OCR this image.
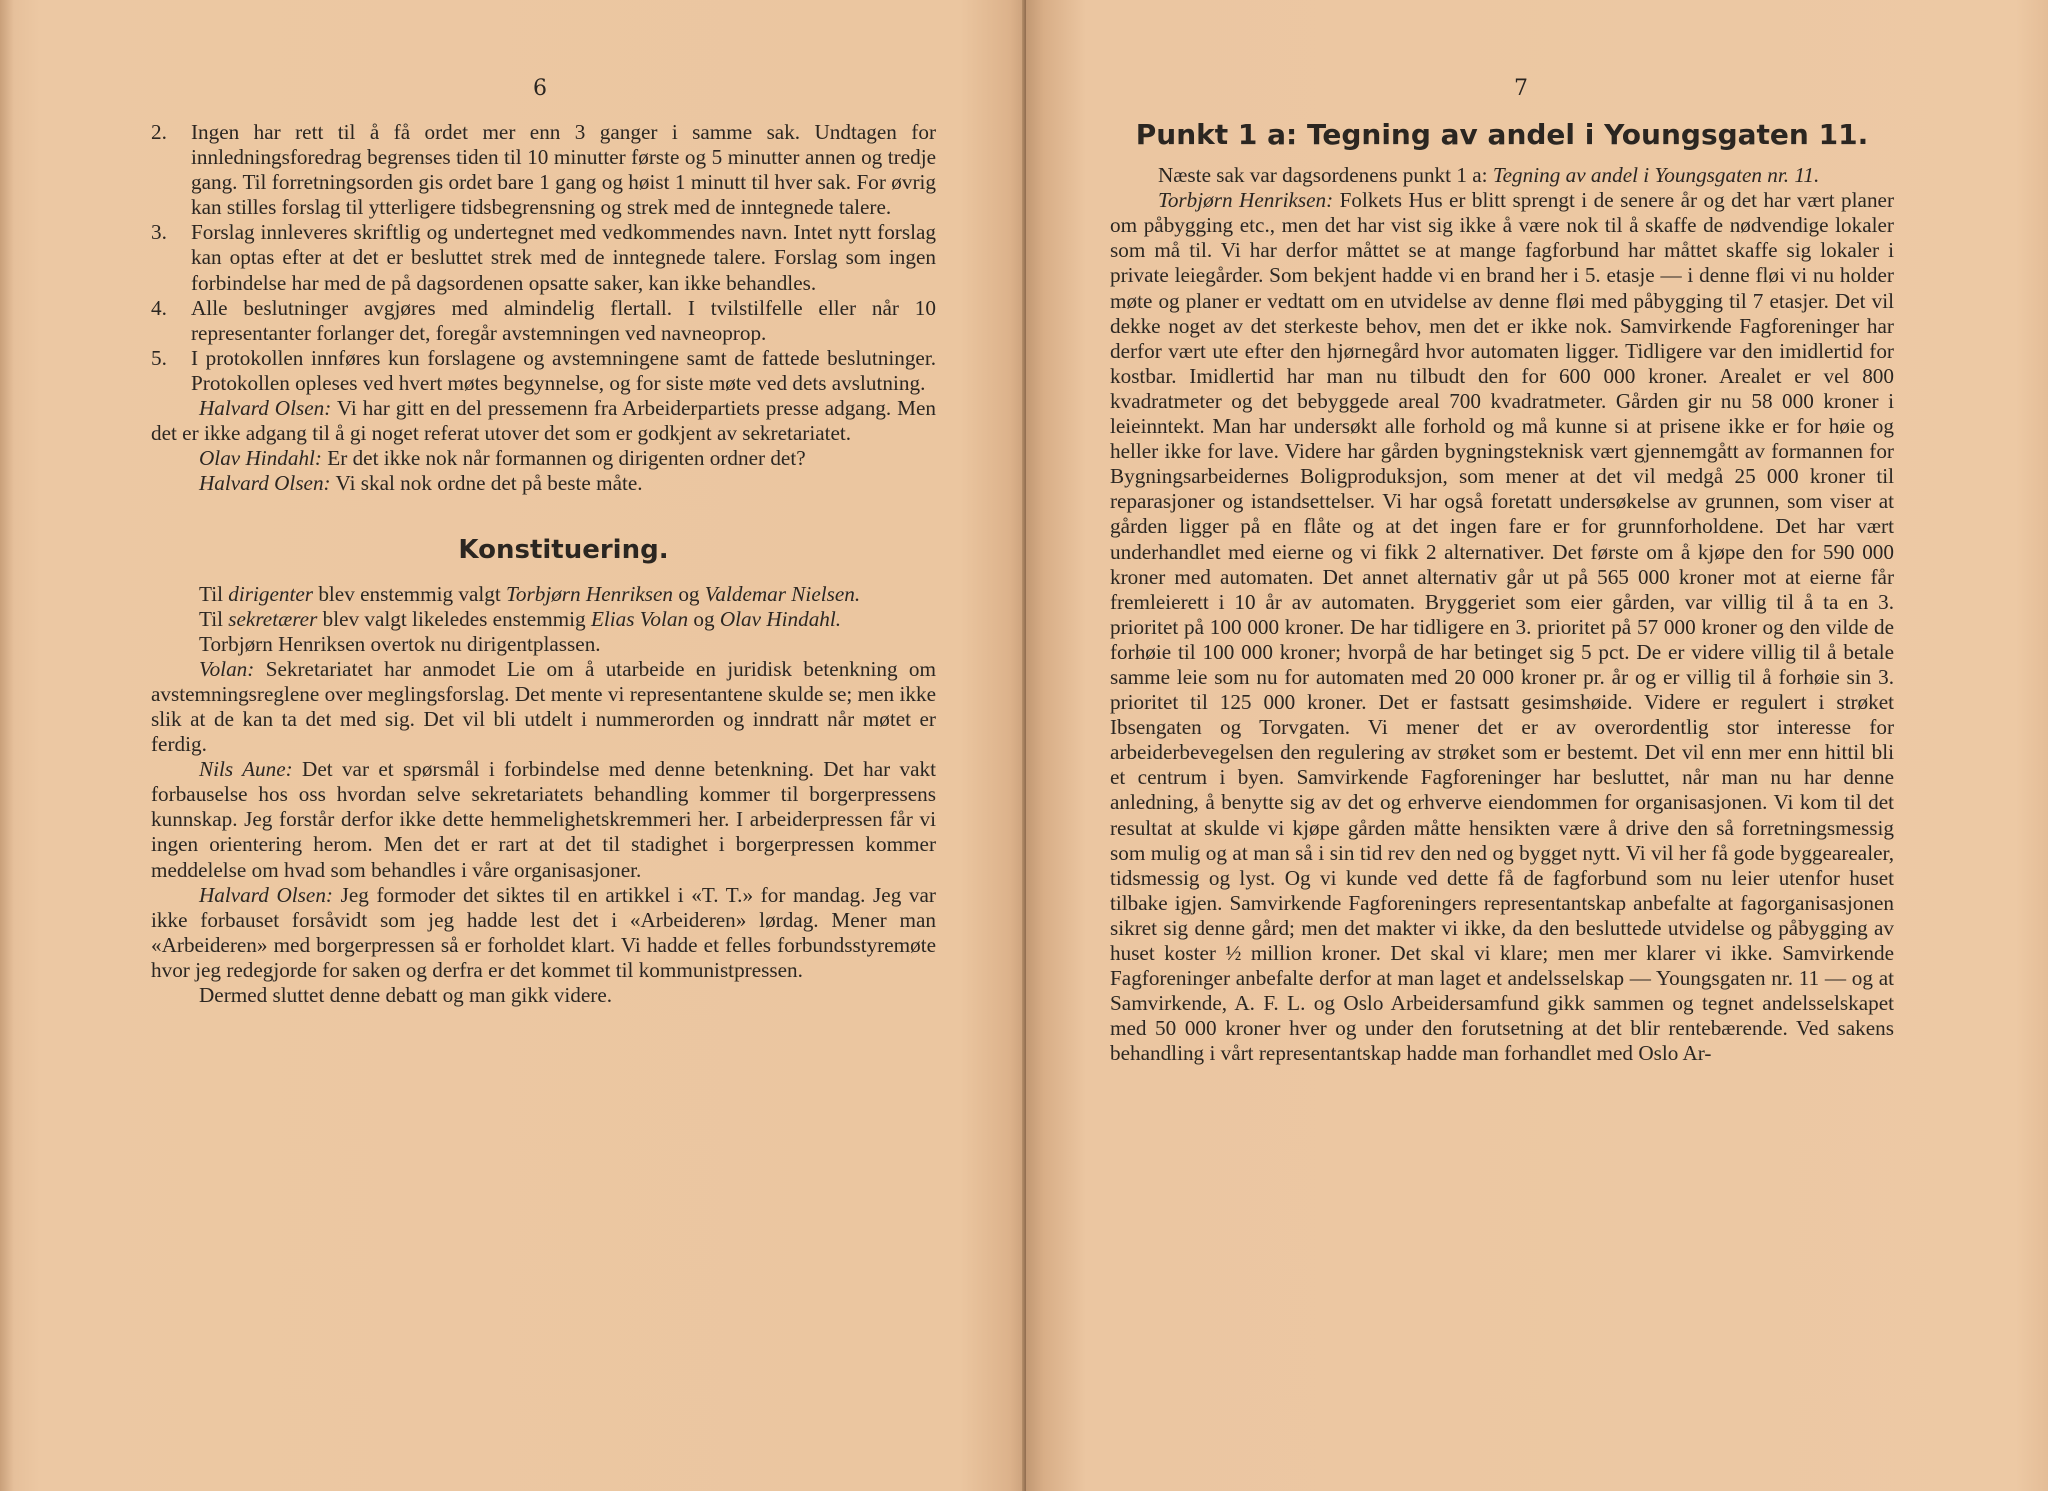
6
2.	Ingen har rett til å få ordet mer enn 3 ganger i samme sak. Undtagen for innledningsforedrag begrenses tiden til 10 minutter første og 5 minutter annen og tredje gang. Til forretningsorden gis ordet bare 1 gang og høist 1 minutt til hver sak. For øvrig kan stilles forslag til ytterligere tidsbegrensning og strek med de inntegnede talere.
3.	Forslag innleveres skriftlig og undertegnet med vedkommendes navn. Intet nytt forslag kan optas efter at det er besluttet strek med de inntegnede talere. Forslag som ingen forbindelse har med de på dagsordenen opsatte saker, kan ikke behandles.
4.	Alle beslutninger avgjøres med almindelig flertall. I tvilstilfelle eller når 10 representanter forlanger det, foregår avstemningen ved navneoprop.
5.	I protokollen innføres kun forslagene og avstemningene samt de fattede beslutninger. Protokollen opleses ved hvert møtes begynnelse, og for siste møte ved dets avslutning.

Halvard Olsen: Vi har gitt en del pressemenn fra Arbeiderpartiets presse adgang. Men det er ikke adgang til å gi noget referat utover det som er godkjent av sekretariatet.

Olav Hindahl: Er det ikke nok når formannen og dirigenten ordner det?

Halvard Olsen: Vi skal nok ordne det på beste måte.

Konstituering.

Til dirigenter blev enstemmig valgt Torbjørn Henriksen og Valdemar Nielsen.

Til sekretærer blev valgt likeledes enstemmig Elias Volan og Olav Hindahl.

Torbjørn Henriksen overtok nu dirigentplassen.

Volan: Sekretariatet har anmodet Lie om å utarbeide en juridisk betenkning om avstemningsreglene over meglingsforslag. Det mente vi representantene skulde se; men ikke slik at de kan ta det med sig. Det vil bli utdelt i nummerorden og inndratt når møtet er ferdig.

Nils Aune: Det var et spørsmål i forbindelse med denne betenkning. Det har vakt forbauselse hos oss hvordan selve sekretariatets behandling kommer til borgerpressens kunnskap. Jeg forstår derfor ikke dette hemmelighetskremmeri her. I arbeiderpressen får vi ingen orientering herom. Men det er rart at det til stadighet i borgerpressen kommer meddelelse om hvad som behandles i våre organisasjoner.

Halvard Olsen: Jeg formoder det siktes til en artikkel i «T. T.» for mandag. Jeg var ikke forbauset forsåvidt som jeg hadde lest det i «Arbeideren» lørdag. Mener man «Arbeideren» med borgerpressen så er forholdet klart. Vi hadde et felles forbundsstyremøte hvor jeg redegjorde for saken og derfra er det kommet til kommunistpressen.

Dermed sluttet denne debatt og man gikk videre.

7
Punkt 1 a: Tegning av andel i Youngsgaten 11.

Næste sak var dagsordenens punkt 1 a: Tegning av andel i Youngsgaten nr. 11.

Torbjørn Henriksen: Folkets Hus er blitt sprengt i de senere år og det har vært planer om påbygging etc., men det har vist sig ikke å være nok til å skaffe de nødvendige lokaler som må til. Vi har derfor måttet se at mange fagforbund har måttet skaffe sig lokaler i private leiegårder. Som bekjent hadde vi en brand her i 5. etasje — i denne fløi vi nu holder møte og planer er vedtatt om en utvidelse av denne fløi med påbygging til 7 etasjer. Det vil dekke noget av det sterkeste behov, men det er ikke nok. Samvirkende Fagforeninger har derfor vært ute efter den hjørnegård hvor automaten ligger. Tidligere var den imidlertid for kostbar. Imidlertid har man nu tilbudt den for 600 000 kroner. Arealet er vel 800 kvadratmeter og det bebyggede areal 700 kvadratmeter. Gården gir nu 58 000 kroner i leieinntekt. Man har undersøkt alle forhold og må kunne si at prisene ikke er for høie og heller ikke for lave. Videre har gården bygningsteknisk vært gjennemgått av formannen for Bygningsarbeidernes Boligproduksjon, som mener at det vil medgå 25 000 kroner til reparasjoner og istandsettelser. Vi har også foretatt undersøkelse av grunnen, som viser at gården ligger på en flåte og at det ingen fare er for grunnforholdene. Det har vært underhandlet med eierne og vi fikk 2 alternativer. Det første om å kjøpe den for 590 000 kroner med automaten. Det annet alternativ går ut på 565 000 kroner mot at eierne får fremleierett i 10 år av automaten. Bryggeriet som eier gården, var villig til å ta en 3. prioritet på 100 000 kroner. De har tidligere en 3. prioritet på 57 000 kroner og den vilde de forhøie til 100 000 kroner; hvorpå de har betinget sig 5 pct. De er videre villig til å betale samme leie som nu for automaten med 20 000 kroner pr. år og er villig til å forhøie sin 3. prioritet til 125 000 kroner. Det er fastsatt gesimshøide. Videre er regulert i strøket Ibsengaten og Torvgaten. Vi mener det er av overordentlig stor interesse for arbeiderbevegelsen den regulering av strøket som er bestemt. Det vil enn mer enn hittil bli et centrum i byen. Samvirkende Fagforeninger har besluttet, når man nu har denne anledning, å benytte sig av det og erhverve eiendommen for organisasjonen. Vi kom til det resultat at skulde vi kjøpe gården måtte hensikten være å drive den så forretningsmessig som mulig og at man så i sin tid rev den ned og bygget nytt. Vi vil her få gode byggearealer, tidsmessig og lyst. Og vi kunde ved dette få de fagforbund som nu leier utenfor huset tilbake igjen. Samvirkende Fagforeningers representantskap anbefalte at fagorganisasjonen sikret sig denne gård; men det makter vi ikke, da den besluttede utvidelse og påbygging av huset koster ½ million kroner. Det skal vi klare; men mer klarer vi ikke. Samvirkende Fagforeninger anbefalte derfor at man laget et andelsselskap — Youngsgaten nr. 11 — og at Samvirkende, A. F. L. og Oslo Arbeidersamfund gikk sammen og tegnet andelsselskapet med 50 000 kroner hver og under den forutsetning at det blir rentebærende. Ved sakens behandling i vårt representantskap hadde man forhandlet med Oslo Ar-
